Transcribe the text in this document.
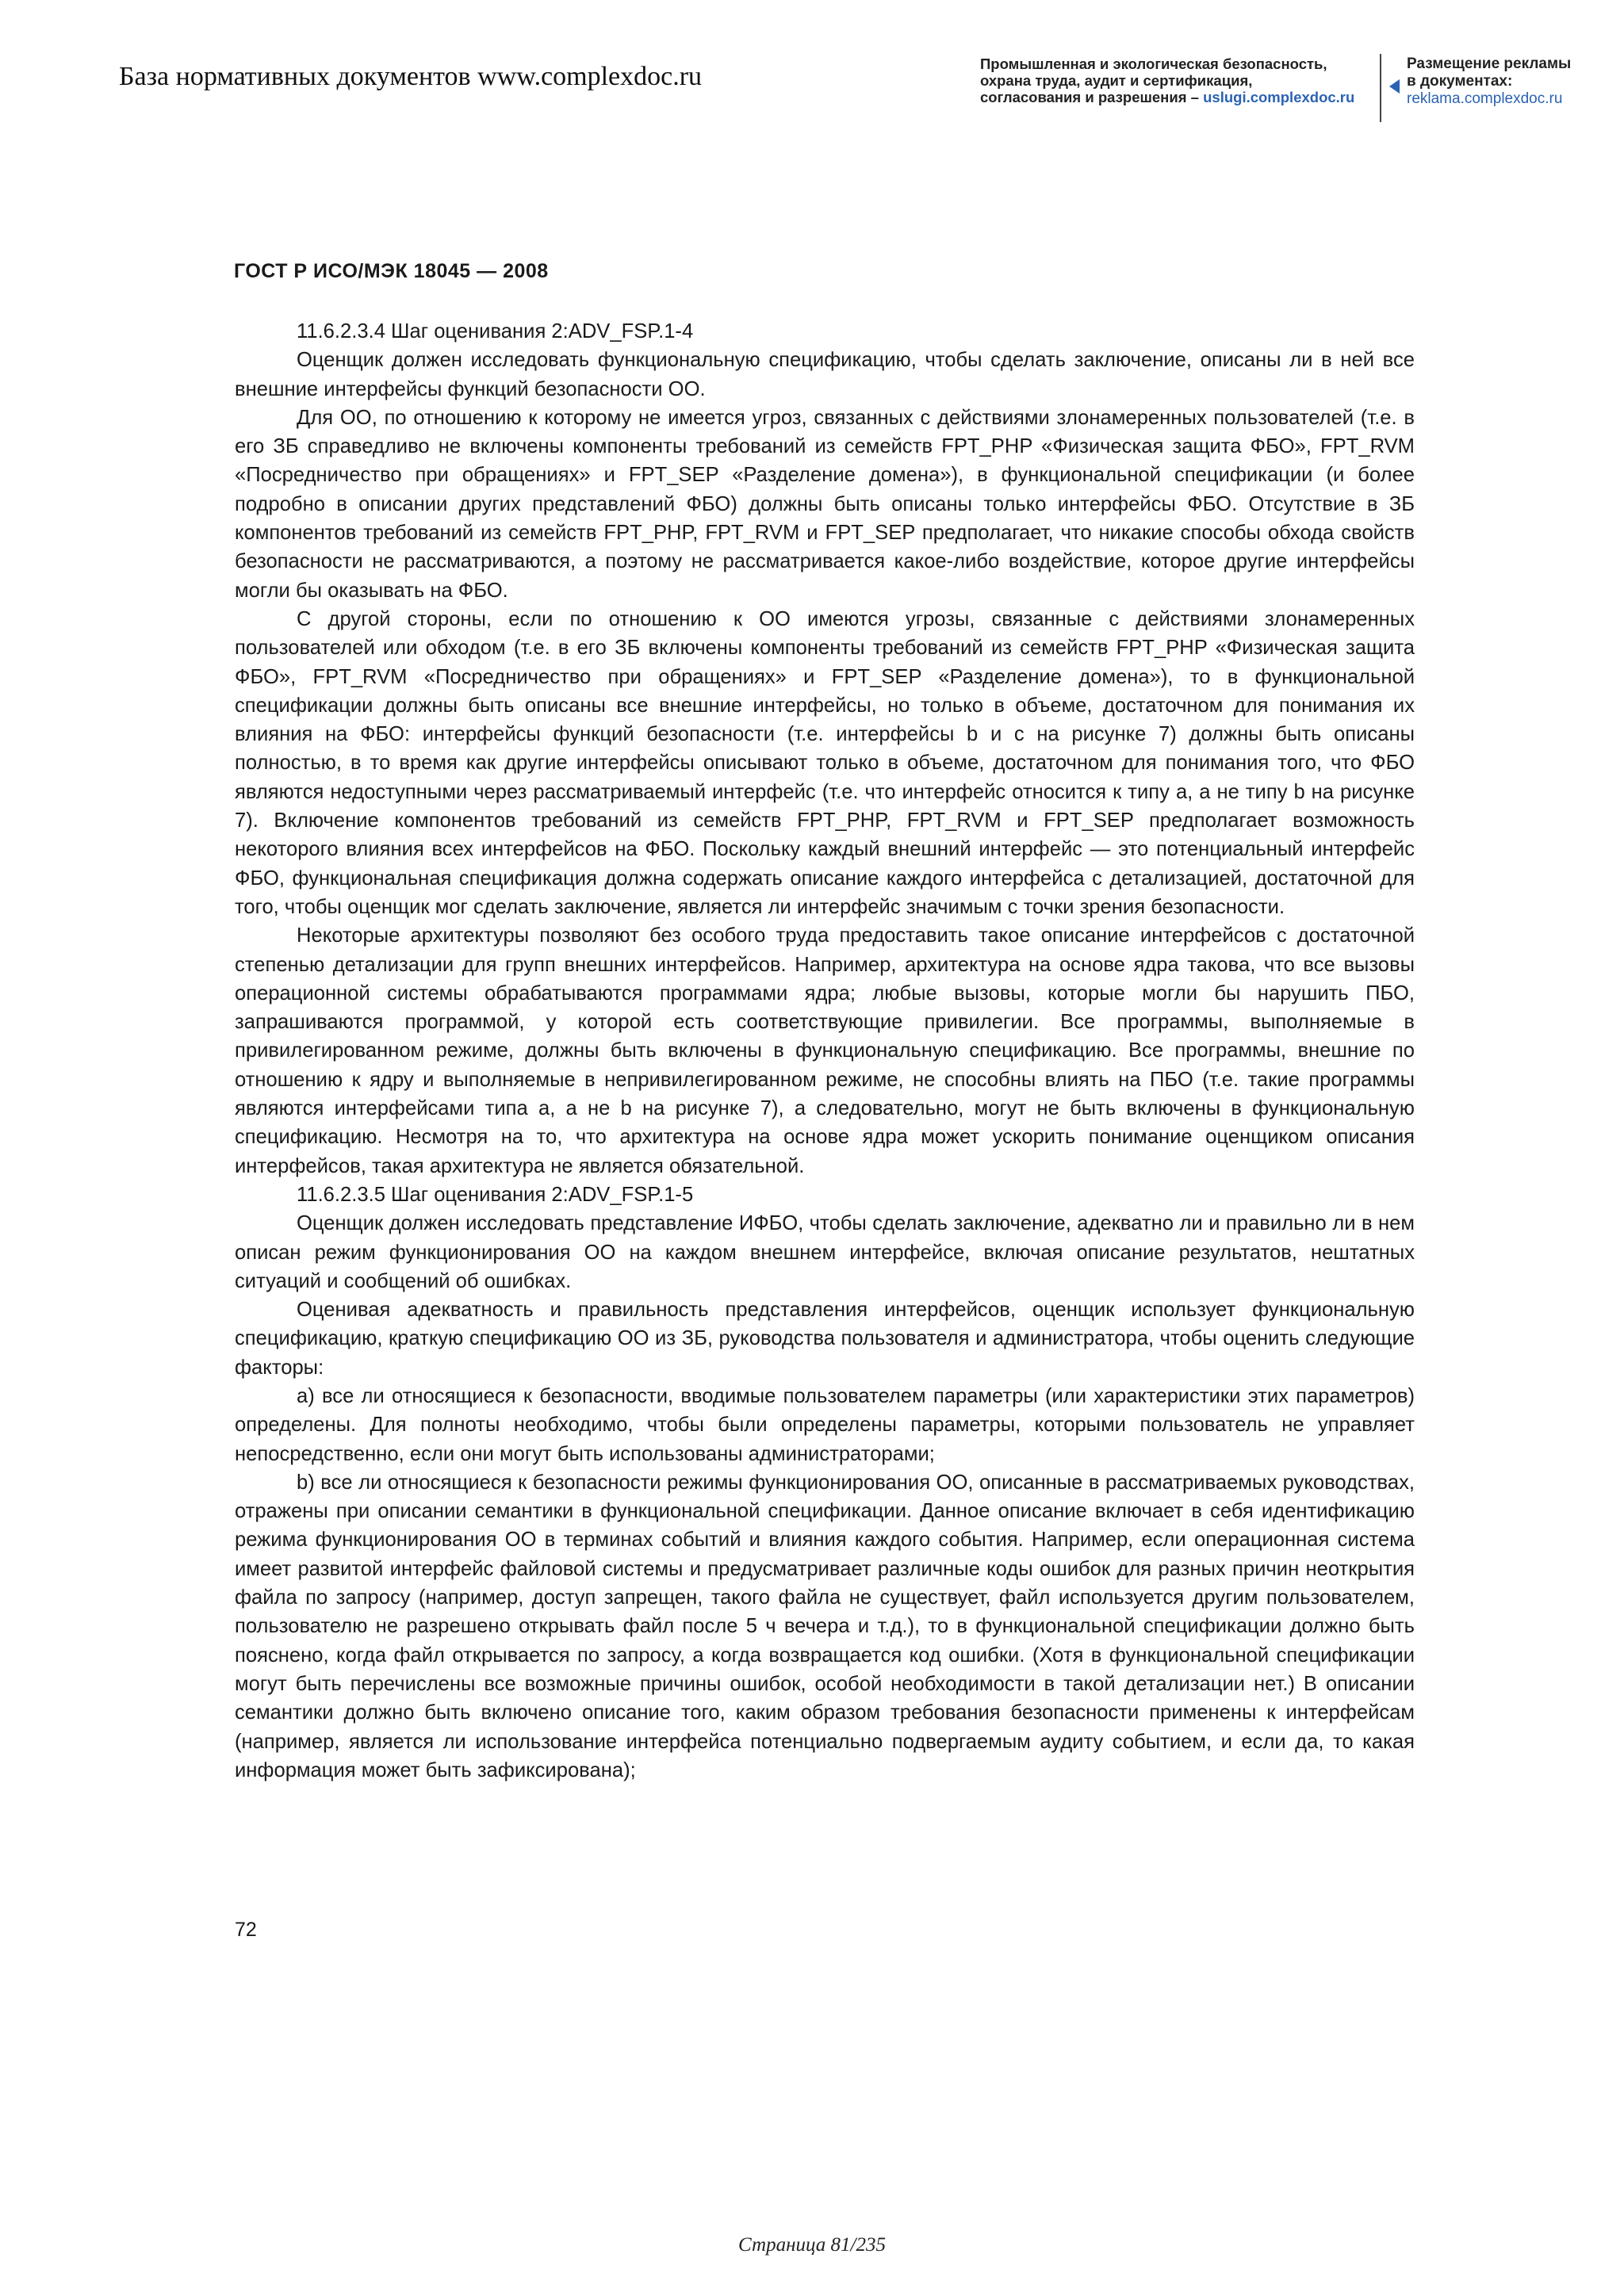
База нормативных документов www.complexdoc.ru	Промышленная и экологическая безопасность,
охрана труда, аудит и сертификация,
согласования и разрешения – uslugi.complexdoc.ru
Размещение рекламы
в документах:
reklama.complexdoc.ru
ГОСТ Р ИСО/МЭК 18045 — 2008

11.6.2.3.4 Шаг оценивания 2:ADV_FSP.1-4

Оценщик должен исследовать функциональную спецификацию, чтобы сделать заключение, описаны ли в ней все внешние интерфейсы функций безопасности ОО.

Для ОО, по отношению к которому не имеется угроз, связанных с действиями злонамеренных пользователей (т.е. в его ЗБ справедливо не включены компоненты требований из семейств FPT_PHP «Физическая защита ФБО», FPT_RVM «Посредничество при обращениях» и FPT_SEP «Разделение домена»), в функциональной спецификации (и более подробно в описании других представлений ФБО) должны быть описаны только интерфейсы ФБО. Отсутствие в ЗБ компонентов требований из семейств FPT_PHP, FPT_RVM и FPT_SEP предполагает, что никакие способы обхода свойств безопасности не рассматриваются, а поэтому не рассматривается какое-либо воздействие, которое другие интерфейсы могли бы оказывать на ФБО.

С другой стороны, если по отношению к ОО имеются угрозы, связанные с действиями злонамеренных пользователей или обходом (т.е. в его ЗБ включены компоненты требований из семейств FPT_PHP «Физическая защита ФБО», FPT_RVM «Посредничество при обращениях» и FPT_SEP «Разделение домена»), то в функциональной спецификации должны быть описаны все внешние интерфейсы, но только в объеме, достаточном для понимания их влияния на ФБО: интерфейсы функций безопасности (т.е. интерфейсы b и c на рисунке 7) должны быть описаны полностью, в то время как другие интерфейсы описывают только в объеме, достаточном для понимания того, что ФБО являются недоступными через рассматриваемый интерфейс (т.е. что интерфейс относится к типу a, а не типу b на рисунке 7). Включение компонентов требований из семейств FPT_PHP, FPT_RVM и FPT_SEP предполагает возможность некоторого влияния всех интерфейсов на ФБО. Поскольку каждый внешний интерфейс — это потенциальный интерфейс ФБО, функциональная спецификация должна содержать описание каждого интерфейса с детализацией, достаточной для того, чтобы оценщик мог сделать заключение, является ли интерфейс значимым с точки зрения безопасности.

Некоторые архитектуры позволяют без особого труда предоставить такое описание интерфейсов с достаточной степенью детализации для групп внешних интерфейсов. Например, архитектура на основе ядра такова, что все вызовы операционной системы обрабатываются программами ядра; любые вызовы, которые могли бы нарушить ПБО, запрашиваются программой, у которой есть соответствующие привилегии. Все программы, выполняемые в привилегированном режиме, должны быть включены в функциональную спецификацию. Все программы, внешние по отношению к ядру и выполняемые в непривилегированном режиме, не способны влиять на ПБО (т.е. такие программы являются интерфейсами типа a, а не b на рисунке 7), а следовательно, могут не быть включены в функциональную спецификацию. Несмотря на то, что архитектура на основе ядра может ускорить понимание оценщиком описания интерфейсов, такая архитектура не является обязательной.

11.6.2.3.5 Шаг оценивания 2:ADV_FSP.1-5

Оценщик должен исследовать представление ИФБО, чтобы сделать заключение, адекватно ли и правильно ли в нем описан режим функционирования ОО на каждом внешнем интерфейсе, включая описание результатов, нештатных ситуаций и сообщений об ошибках.

Оценивая адекватность и правильность представления интерфейсов, оценщик использует функциональную спецификацию, краткую спецификацию ОО из ЗБ, руководства пользователя и администратора, чтобы оценить следующие факторы:

a) все ли относящиеся к безопасности, вводимые пользователем параметры (или характеристики этих параметров) определены. Для полноты необходимо, чтобы были определены параметры, которыми пользователь не управляет непосредственно, если они могут быть использованы администраторами;

b) все ли относящиеся к безопасности режимы функционирования ОО, описанные в рассматриваемых руководствах, отражены при описании семантики в функциональной спецификации. Данное описание включает в себя идентификацию режима функционирования ОО в терминах событий и влияния каждого события. Например, если операционная система имеет развитой интерфейс файловой системы и предусматривает различные коды ошибок для разных причин неоткрытия файла по запросу (например, доступ запрещен, такого файла не существует, файл используется другим пользователем, пользователю не разрешено открывать файл после 5 ч вечера и т.д.), то в функциональной спецификации должно быть пояснено, когда файл открывается по запросу, а когда возвращается код ошибки. (Хотя в функциональной спецификации могут быть перечислены все возможные причины ошибок, особой необходимости в такой детализации нет.) В описании семантики должно быть включено описание того, каким образом требования безопасности применены к интерфейсам (например, является ли использование интерфейса потенциально подвергаемым аудиту событием, и если да, то какая информация может быть зафиксирована);

72
Страница 81/235
